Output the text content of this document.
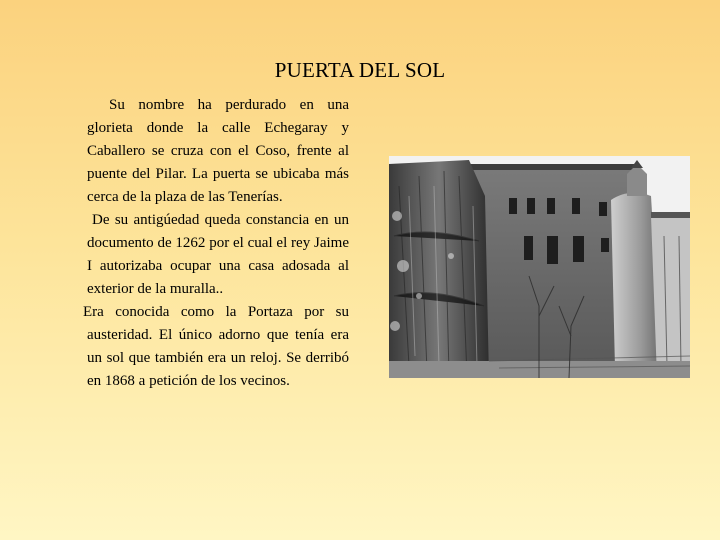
PUERTA DEL SOL

Su nombre ha perdurado en una glorieta donde la calle Echegaray y Caballero se cruza con el Coso, frente al puente del Pilar. La puerta se ubicaba más cerca de la plaza de las Tenerías.

De su antigúedad queda constancia en un documento de 1262 por el cual el rey Jaime I autorizaba ocupar una casa adosada al exterior de la muralla..

Era conocida como la Portaza por su austeridad. El único adorno que tenía era un sol que también era un reloj. Se derribó en 1868 a petición de los vecinos.
